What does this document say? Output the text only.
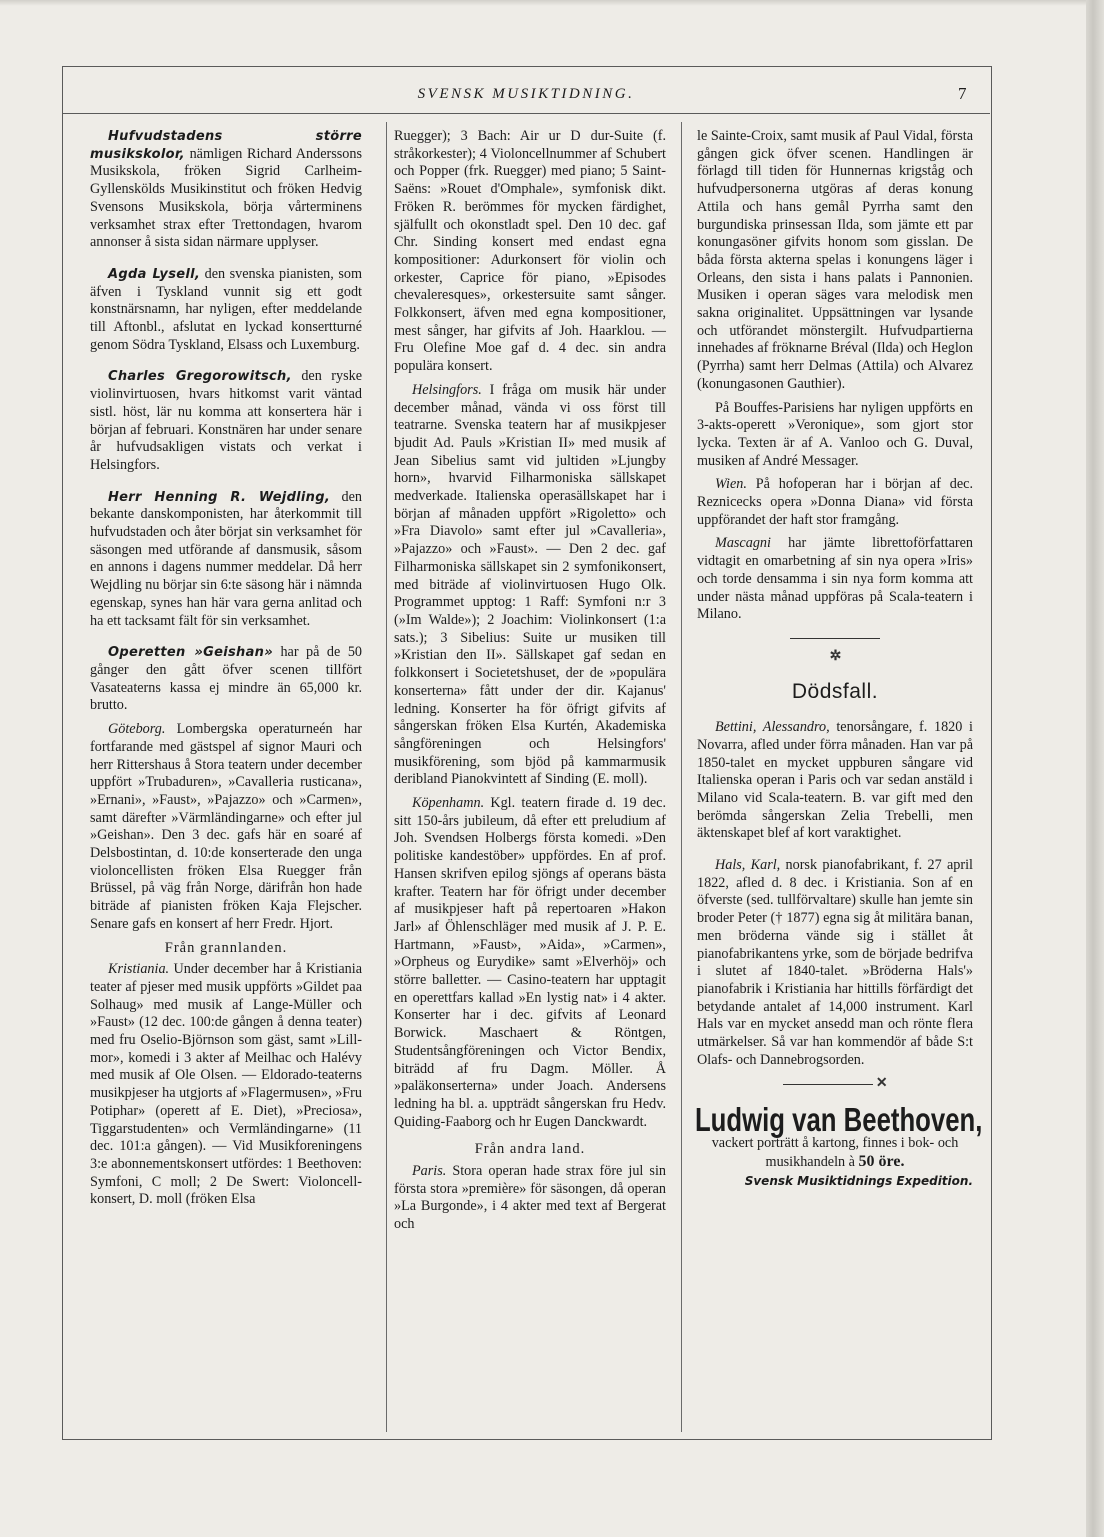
SVENSK MUSIKTIDNING.	7

Hufvudstadens större musikskolor, nämligen Richard Anderssons Musikskola, fröken Sigrid Carlheim-Gyllenskölds Musikinstitut och fröken Hedvig Svensons Musikskola, börja vårterminens verksamhet strax efter Trettondagen, hvarom annonser å sista sidan närmare upplyser.

Agda Lysell, den svenska pianisten, som äfven i Tyskland vunnit sig ett godt konstnärsnamn, har nyligen, efter meddelande till Aftonbl., afslutat en lyckad konsertturné genom Södra Tyskland, Elsass och Luxemburg.

Charles Gregorowitsch, den ryske violinvirtuosen, hvars hitkomst varit väntad sistl. höst, lär nu komma att konsertera här i början af februari. Konstnären har under senare år hufvudsakligen vistats och verkat i Helsingfors.

Herr Henning R. Wejdling, den bekante danskomponisten, har återkommit till hufvudstaden och åter börjat sin verksamhet för säsongen med utförande af dansmusik, såsom en annons i dagens nummer meddelar. Då herr Wejdling nu börjar sin 6:te säsong här i nämnda egenskap, synes han här vara gerna anlitad och ha ett tacksamt fält för sin verksamhet.

Operetten »Geishan» har på de 50 gånger den gått öfver scenen tillfört Vasateaterns kassa ej mindre än 65,000 kr. brutto.

Göteborg. Lombergska operaturneén har fortfarande med gästspel af signor Mauri och herr Rittershaus å Stora teatern under december uppfört »Trubaduren», »Cavalleria rusticana», »Ernani», »Faust», »Pajazzo» och »Carmen», samt därefter »Värmländingarne» och efter jul »Geishan». Den 3 dec. gafs här en soaré af Delsbostintan, d. 10:de konserterade den unga violoncellisten fröken Elsa Ruegger från Brüssel, på väg från Norge, därifrån hon hade biträde af pianisten fröken Kaja Flejscher. Senare gafs en konsert af herr Fredr. Hjort.

Från grannlanden.

Kristiania. Under december har å Kristiania teater af pjeser med musik uppförts »Gildet paa Solhaug» med musik af Lange-Müller och »Faust» (12 dec. 100:de gången å denna teater) med fru Oselio-Björnson som gäst, samt »Lill-mor», komedi i 3 akter af Meilhac och Halévy med musik af Ole Olsen. — Eldorado-teaterns musikpjeser ha utgjorts af »Flagermusen», »Fru Potiphar» (operett af E. Diet), »Preciosa», Tiggarstudenten» och Vermländingarne» (11 dec. 101:a gången). — Vid Musikforeningens 3:e abonnementskonsert utfördes: 1 Beethoven: Symfoni, C moll; 2 De Swert: Violoncell-konsert, D. moll (fröken Elsa

Ruegger); 3 Bach: Air ur D dur-Suite (f. stråkorkester); 4 Violoncellnummer af Schubert och Popper (frk. Ruegger) med piano; 5 Saint-Saëns: »Rouet d'Omphale», symfonisk dikt. Fröken R. berömmes för mycken färdighet, själfullt och okonstladt spel. Den 10 dec. gaf Chr. Sinding konsert med endast egna kompositioner: Adurkonsert för violin och orkester, Caprice för piano, »Episodes chevaleresques», orkestersuite samt sånger. Folkkonsert, äfven med egna kompositioner, mest sånger, har gifvits af Joh. Haarklou. — Fru Olefine Moe gaf d. 4 dec. sin andra populära konsert.

Helsingfors. I fråga om musik här under december månad, vända vi oss först till teatrarne. Svenska teatern har af musikpjeser bjudit Ad. Pauls »Kristian II» med musik af Jean Sibelius samt vid jultiden »Ljungby horn», hvarvid Filharmoniska sällskapet medverkade. Italienska operasällskapet har i början af månaden uppfört »Rigoletto» och »Fra Diavolo» samt efter jul »Cavalleria», »Pajazzo» och »Faust». — Den 2 dec. gaf Filharmoniska sällskapet sin 2 symfonikonsert, med biträde af violinvirtuosen Hugo Olk. Programmet upptog: 1 Raff: Symfoni n:r 3 (»Im Walde»); 2 Joachim: Violinkonsert (1:a sats.); 3 Sibelius: Suite ur musiken till »Kristian den II». Sällskapet gaf sedan en folkkonsert i Societetshuset, der de »populära konserterna» fått under der dir. Kajanus' ledning. Konserter ha för öfrigt gifvits af sångerskan fröken Elsa Kurtén, Akademiska sångföreningen och Helsingfors' musikförening, som bjöd på kammarmusik deribland Pianokvintett af Sinding (E. moll).

Köpenhamn. Kgl. teatern firade d. 19 dec. sitt 150-års jubileum, då efter ett preludium af Joh. Svendsen Holbergs första komedi. »Den politiske kandestöber» uppfördes. En af prof. Hansen skrifven epilog sjöngs af operans bästa krafter. Teatern har för öfrigt under december af musikpjeser haft på repertoaren »Hakon Jarl» af Öhlenschläger med musik af J. P. E. Hartmann, »Faust», »Aida», »Carmen», »Orpheus og Eurydike» samt »Elverhöj» och större balletter. — Casino-teatern har upptagit en operettfars kallad »En lystig nat» i 4 akter. Konserter har i dec. gifvits af Leonard Borwick. Maschaert & Röntgen, Studentsångföreningen och Victor Bendix, biträdd af fru Dagm. Möller. Å »paläkonserterna» under Joach. Andersens ledning ha bl. a. uppträdt sångerskan fru Hedv. Quiding-Faaborg och hr Eugen Danckwardt.

Från andra land.

Paris. Stora operan hade strax före jul sin första stora »première» för säsongen, då operan »La Burgonde», i 4 akter med text af Bergerat och

le Sainte-Croix, samt musik af Paul Vidal, första gången gick öfver scenen. Handlingen är förlagd till tiden för Hunnernas krigståg och hufvudpersonerna utgöras af deras konung Attila och hans gemål Pyrrha samt den burgundiska prinsessan Ilda, som jämte ett par konungasöner gifvits honom som gisslan. De båda första akterna spelas i konungens läger i Orleans, den sista i hans palats i Pannonien. Musiken i operan säges vara melodisk men sakna originalitet. Uppsättningen var lysande och utförandet mönstergilt. Hufvudpartierna innehades af fröknarne Bréval (Ilda) och Heglon (Pyrrha) samt herr Delmas (Attila) och Alvarez (konungasonen Gauthier).

På Bouffes-Parisiens har nyligen uppförts en 3-akts-operett »Veronique», som gjort stor lycka. Texten är af A. Vanloo och G. Duval, musiken af André Messager.

Wien. På hofoperan har i början af dec. Reznicecks opera »Donna Diana» vid första uppförandet der haft stor framgång.

Mascagni har jämte librettoförfattaren vidtagit en omarbetning af sin nya opera »Iris» och torde densamma i sin nya form komma att under nästa månad uppföras på Scala-teatern i Milano.

✲
Dödsfall.

Bettini, Alessandro, tenorsångare, f. 1820 i Novarra, afled under förra månaden. Han var på 1850-talet en mycket uppburen sångare vid Italienska operan i Paris och var sedan anstäld i Milano vid Scala-teatern. B. var gift med den berömda sångerskan Zelia Trebelli, men äktenskapet blef af kort varaktighet.

Hals, Karl, norsk pianofabrikant, f. 27 april 1822, afled d. 8 dec. i Kristiania. Son af en öfverste (sed. tullförvaltare) skulle han jemte sin broder Peter († 1877) egna sig åt militära banan, men bröderna vände sig i stället åt pianofabrikantens yrke, som de började bedrifva i slutet af 1840-talet. »Bröderna Hals'» pianofabrik i Kristiania har hittills förfärdigt det betydande antalet af 14,000 instrument. Karl Hals var en mycket ansedd man och rönte flera utmärkelser. Så var han kommendör af både S:t Olafs- och Dannebrogsorden.

✕
Ludwig van Beethoven,
vackert porträtt å kartong, finnes i bok- och musikhandeln à 50 öre.
Svensk Musiktidnings Expedition.
